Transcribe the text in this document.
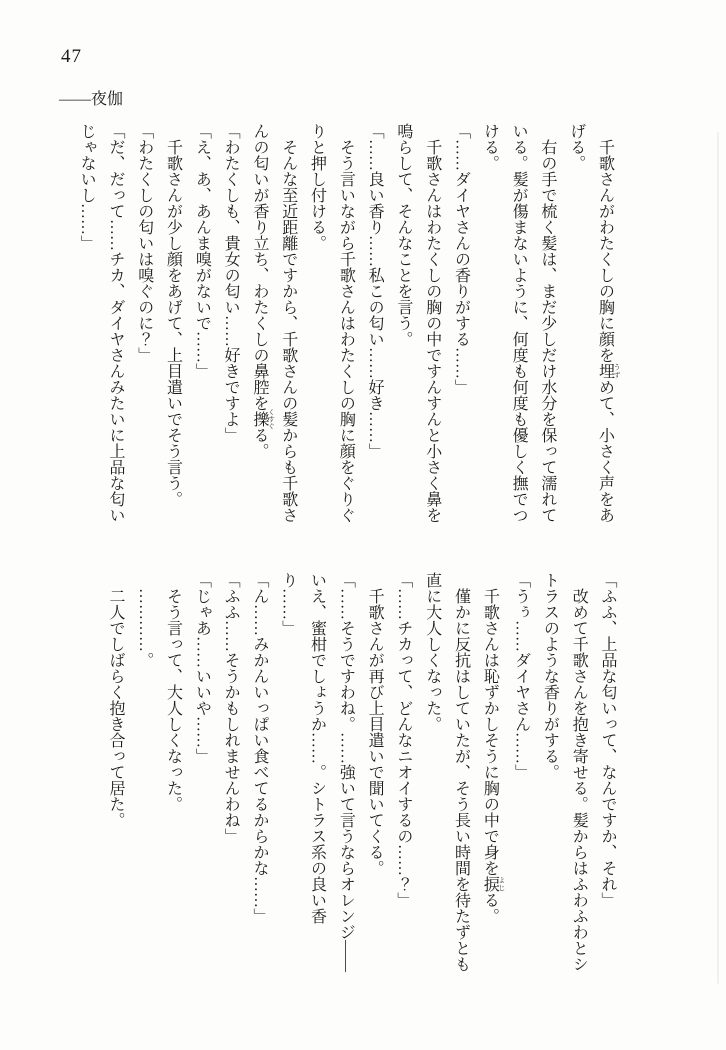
47
――夜伽

千歌さんがわたくしの胸に顔を埋 うずめて、小さく声をあげる。

右の手で梳く髪は、まだ少しだけ水分を保って濡れている。髪が傷まないように、何度も何度も優しく撫でつける。

「……ダイヤさんの香りがする……」

千歌さんはわたくしの胸の中ですんすんと小さく鼻を鳴らして、そんなことを言う。

「……良い香り……私この匂い……好き……」

そう言いながら千歌さんはわたくしの胸に顔をぐりぐりと押し付ける。

そんな至近距離ですから、千歌さんの髪からも千歌さんの匂いが香り立ち、わたくしの鼻腔を擽 くすぐる。

「わたくしも、貴女の匂い……好きですよ」

「え、あ、あんま嗅がないで……」

千歌さんが少し顔をあげて、上目遣いでそう言う。

「わたくしの匂いは嗅ぐのに？」

「だ、だって……チカ、ダイヤさんみたいに上品な匂いじゃないし……」

「ふふ、上品な匂いって、なんですか、それ」

改めて千歌さんを抱き寄せる。髪からはふわふわとシトラスのような香りがする。

「うぅ……ダイヤさん……」

千歌さんは恥ずかしそうに胸の中で身を捩 よじる。

僅かに反抗はしていたが、そう長い時間を待たずとも直に大人しくなった。

「……チカって、どんなニオイするの……？」

千歌さんが再び上目遣いで聞いてくる。

「……そうですわね。……強いて言うならオレンジ――いえ、蜜柑でしょうか……。シトラス系の良い香り……」

「ん……みかんいっぱい食べてるからかな……」

「ふふ……そうかもしれませんわね」

「じゃあ……いいや……」

そう言って、大人しくなった。

…………。

二人でしばらく抱き合って居た。
